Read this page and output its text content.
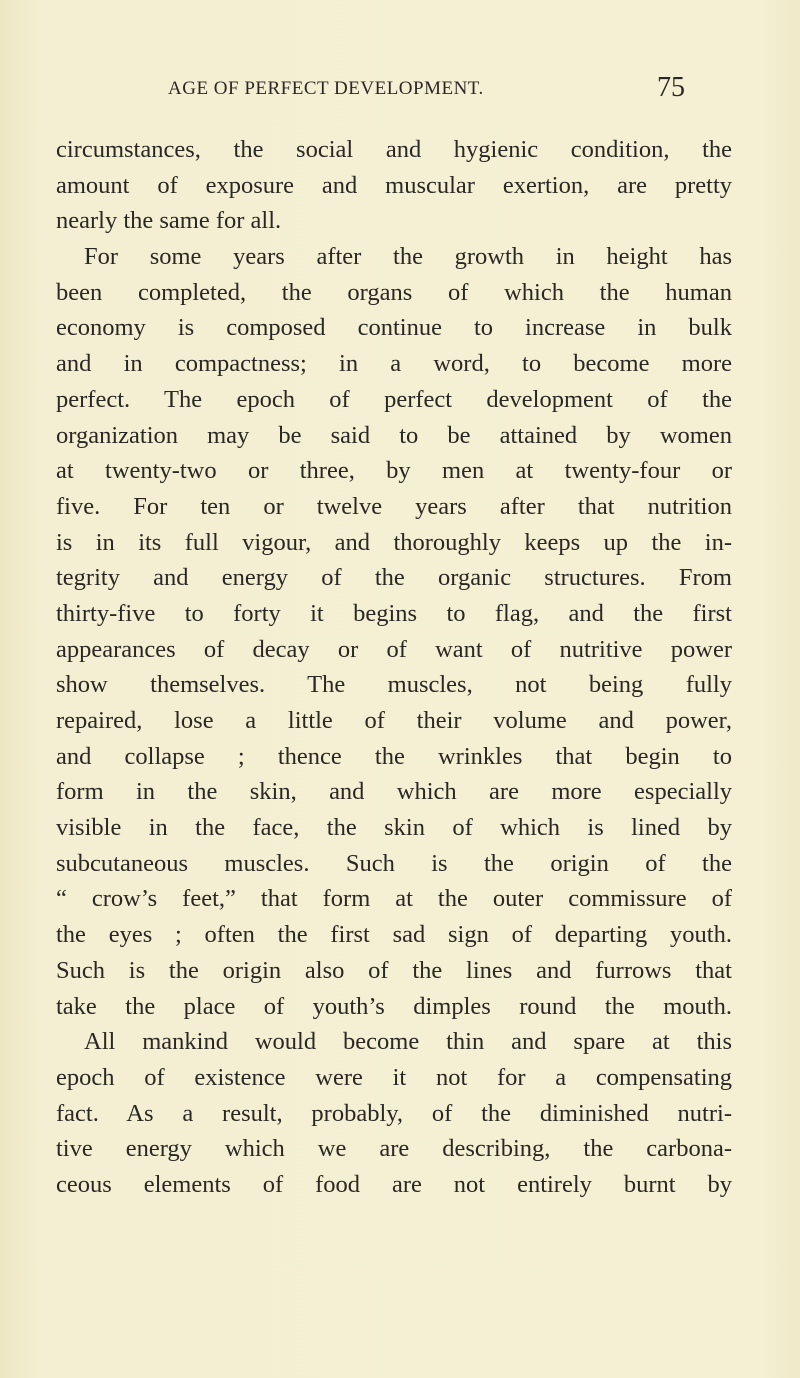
AGE OF PERFECT DEVELOPMENT.	75
circumstances, the social and hygienic condition, the
amount of exposure and muscular exertion, are pretty
nearly the same for all.
For some years after the growth in height has
been completed, the organs of which the human
economy is composed continue to increase in bulk
and in compactness; in a word, to become more
perfect. The epoch of perfect development of the
organization may be said to be attained by women
at twenty-two or three, by men at twenty-four or
five. For ten or twelve years after that nutrition
is in its full vigour, and thoroughly keeps up the in-
tegrity and energy of the organic structures. From
thirty-five to forty it begins to flag, and the first
appearances of decay or of want of nutritive power
show themselves. The muscles, not being fully
repaired, lose a little of their volume and power,
and collapse ; thence the wrinkles that begin to
form in the skin, and which are more especially
visible in the face, the skin of which is lined by
subcutaneous muscles. Such is the origin of the
“ crow’s feet,” that form at the outer commissure of
the eyes ; often the first sad sign of departing youth.
Such is the origin also of the lines and furrows that
take the place of youth’s dimples round the mouth.
All mankind would become thin and spare at this
epoch of existence were it not for a compensating
fact. As a result, probably, of the diminished nutri-
tive energy which we are describing, the carbona-
ceous elements of food are not entirely burnt by
